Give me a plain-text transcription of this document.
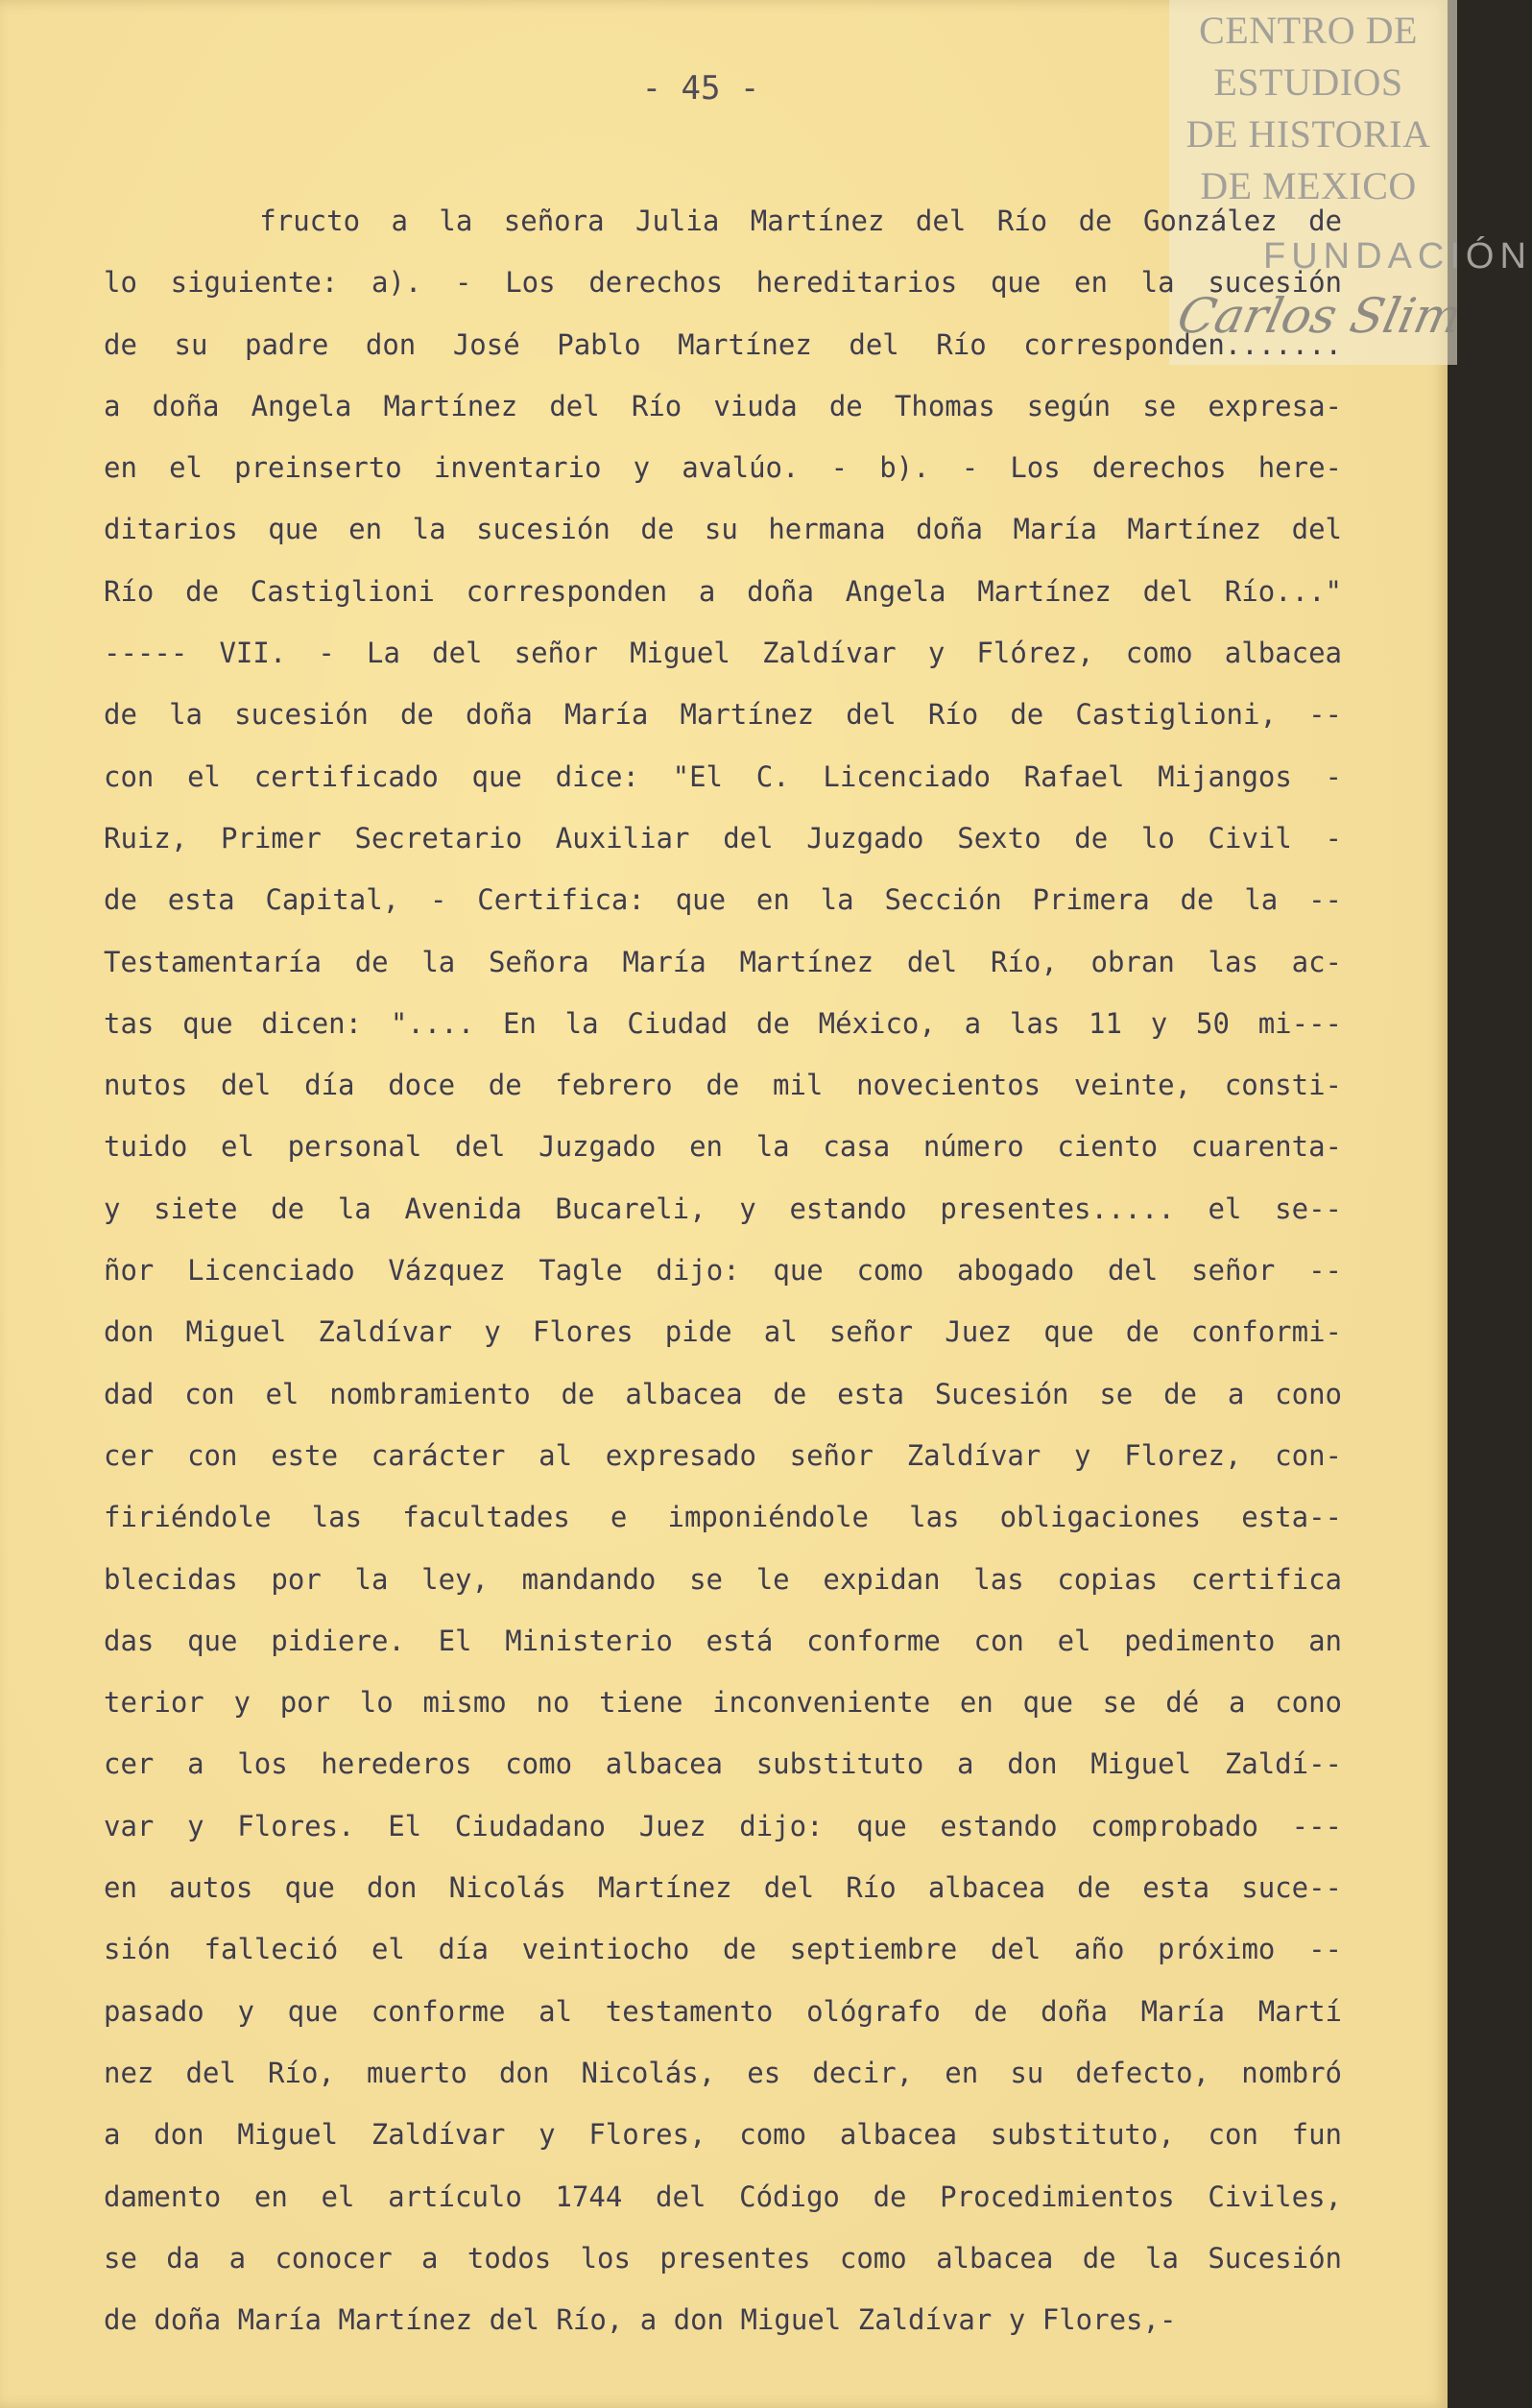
- 45 -
CENTRO DE
ESTUDIOS
DE HISTORIA
DE MEXICO
FUNDACIÓN
Carlos Slim
fructo a la señora Julia Martínez del Río de González de
lo siguiente: a). - Los derechos hereditarios que en la sucesión
de su padre don José Pablo Martínez del Río corresponden.......
a doña Angela Martínez del Río viuda de Thomas según se expresa-
en el preinserto inventario y avalúo. - b). - Los derechos here-
ditarios que en la sucesión de su hermana doña María Martínez del
Río de Castiglioni corresponden a doña Angela Martínez del Río..."
----- VII. - La del señor Miguel Zaldívar y Flórez, como albacea
de la sucesión de doña María Martínez del Río de Castiglioni, --
con el certificado que dice: "El C. Licenciado Rafael Mijangos -
Ruiz, Primer Secretario Auxiliar del Juzgado Sexto de lo Civil -
de esta Capital, - Certifica: que en la Sección Primera de la --
Testamentaría de la Señora María Martínez del Río, obran las ac-
tas que dicen: ".... En la Ciudad de México, a las 11 y 50 mi---
nutos del día doce de febrero de mil novecientos veinte, consti-
tuido el personal del Juzgado en la casa número ciento cuarenta-
y siete de la Avenida Bucareli, y estando presentes..... el se--
ñor Licenciado Vázquez Tagle dijo: que como abogado del señor --
don Miguel Zaldívar y Flores pide al señor Juez que de conformi-
dad con el nombramiento de albacea de esta Sucesión se de a cono
cer con este carácter al expresado señor Zaldívar y Florez, con-
firiéndole las facultades e imponiéndole las obligaciones esta--
blecidas por la ley, mandando se le expidan las copias certifica
das que pidiere. El Ministerio está conforme con el pedimento an
terior y por lo mismo no tiene inconveniente en que se dé a cono
cer a los herederos como albacea substituto a don Miguel Zaldí--
var y Flores. El Ciudadano Juez dijo: que estando comprobado ---
en autos que don Nicolás Martínez del Río albacea de esta suce--
sión falleció el día veintiocho de septiembre del año próximo --
pasado y que conforme al testamento ológrafo de doña María Martí
nez del Río, muerto don Nicolás, es decir, en su defecto, nombró
a don Miguel Zaldívar y Flores, como albacea substituto, con fun
damento en el artículo 1744 del Código de Procedimientos Civiles,
se da a conocer a todos los presentes como albacea de la Sucesión
de doña María Martínez del Río, a don Miguel Zaldívar y Flores,-
